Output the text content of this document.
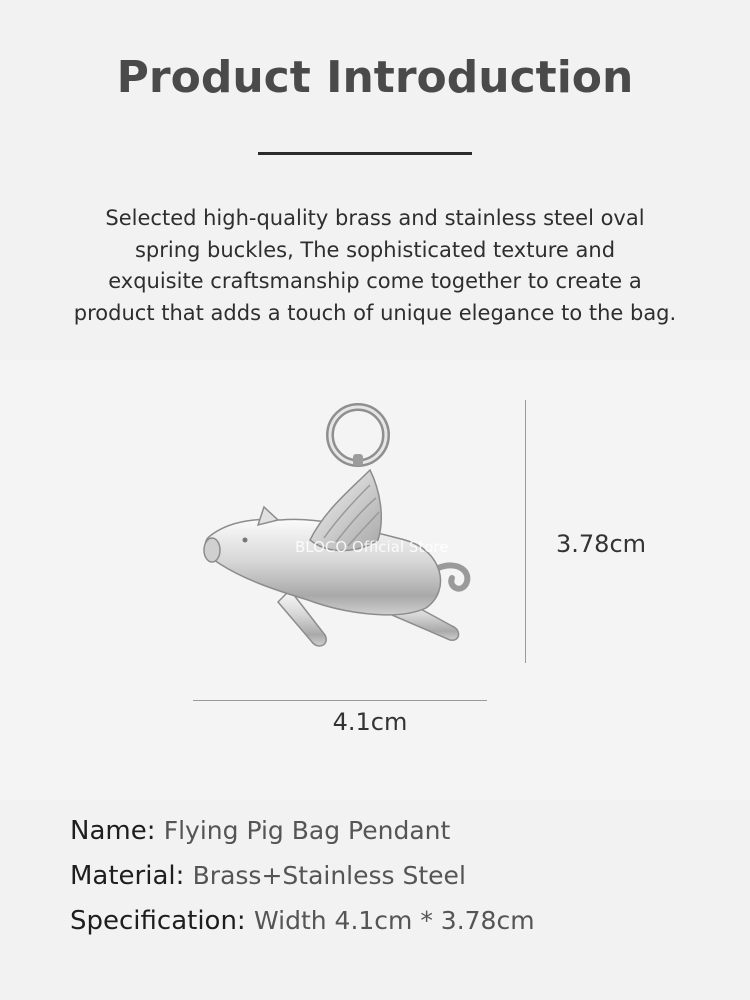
Product Introduction
Selected high-quality brass and stainless steel oval
spring buckles, The sophisticated texture and
exquisite craftsmanship come together to create a
product that adds a touch of unique elegance to the bag.
BLOCO Official Store	3.78cm
4.1cm
Name: Flying Pig Bag Pendant
Material: Brass+Stainless Steel
Specification: Width 4.1cm * 3.78cm
